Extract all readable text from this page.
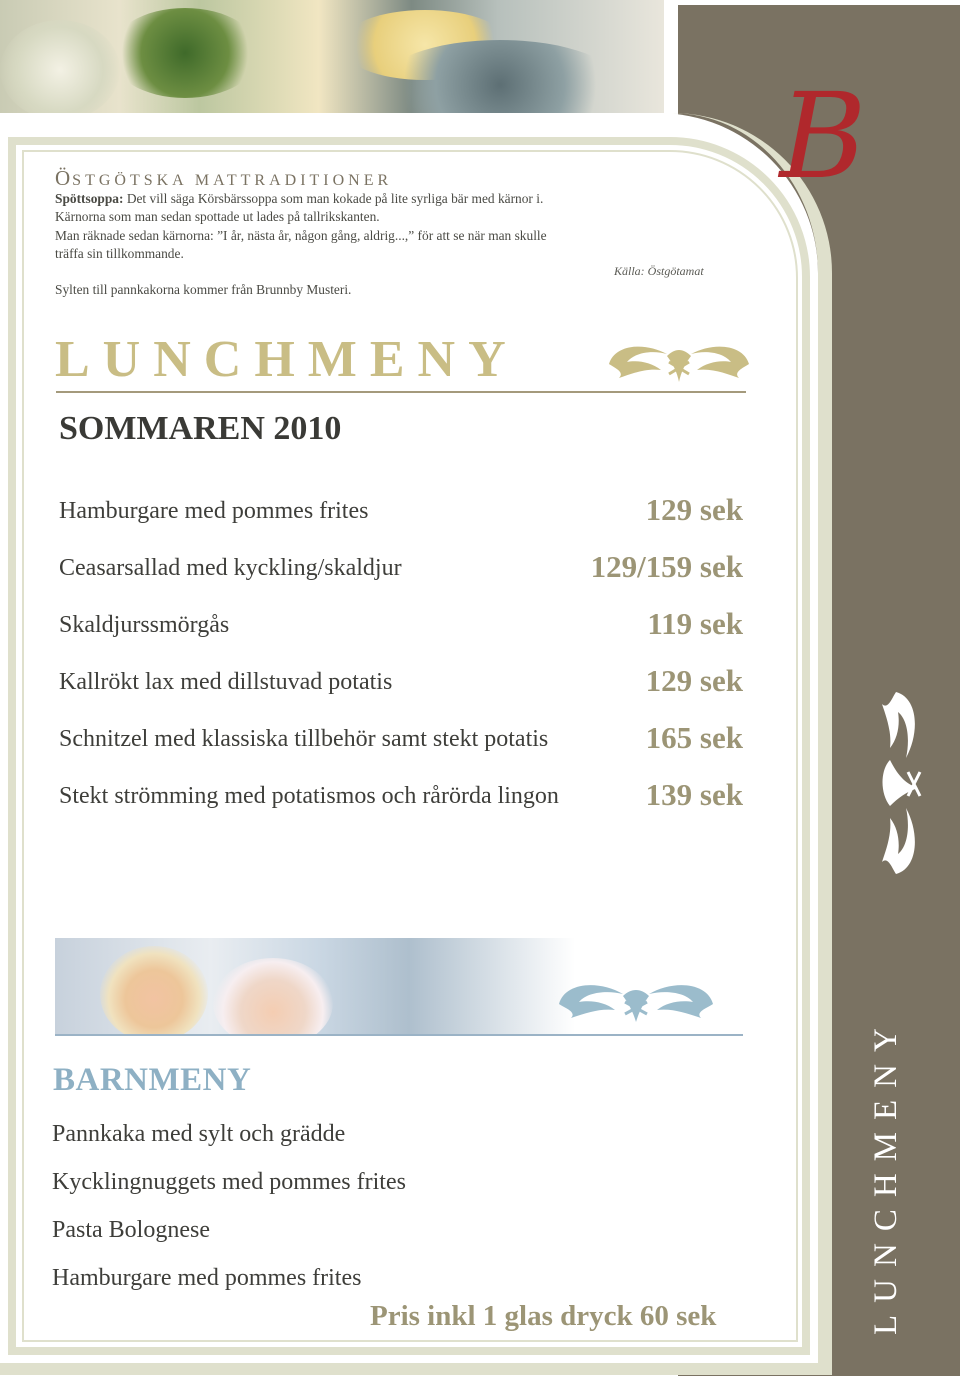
B
ÖSTGÖTSKA MATTRADITIONER
Spöttsoppa: Det vill säga Körsbärssoppa som man kokade på lite syrliga bär med kärnor i.
Kärnorna som man sedan spottade ut lades på tallrikskanten.
Man räknade sedan kärnorna: ”I år, nästa år, någon gång, aldrig...,” för att se när man skulle
träffa sin tillkommande.
Källa: Östgötamat
Sylten till pannkakorna kommer från Brunnby Musteri.
LUNCHMENY
SOMMAREN 2010
Hamburgare med pommes frites	129 sek
Ceasarsallad med kyckling/skaldjur	129/159 sek
Skaldjurssmörgås	119 sek
Kallrökt lax med dillstuvad potatis	129 sek
Schnitzel med klassiska tillbehör samt stekt potatis	165 sek
Stekt strömming med potatismos och rårörda lingon	139 sek
BARNMENY
Pannkaka med sylt och grädde
Kycklingnuggets med pommes frites
Pasta Bolognese
Hamburgare med pommes frites
Pris inkl 1 glas dryck 60 sek	LUNCHMENY
